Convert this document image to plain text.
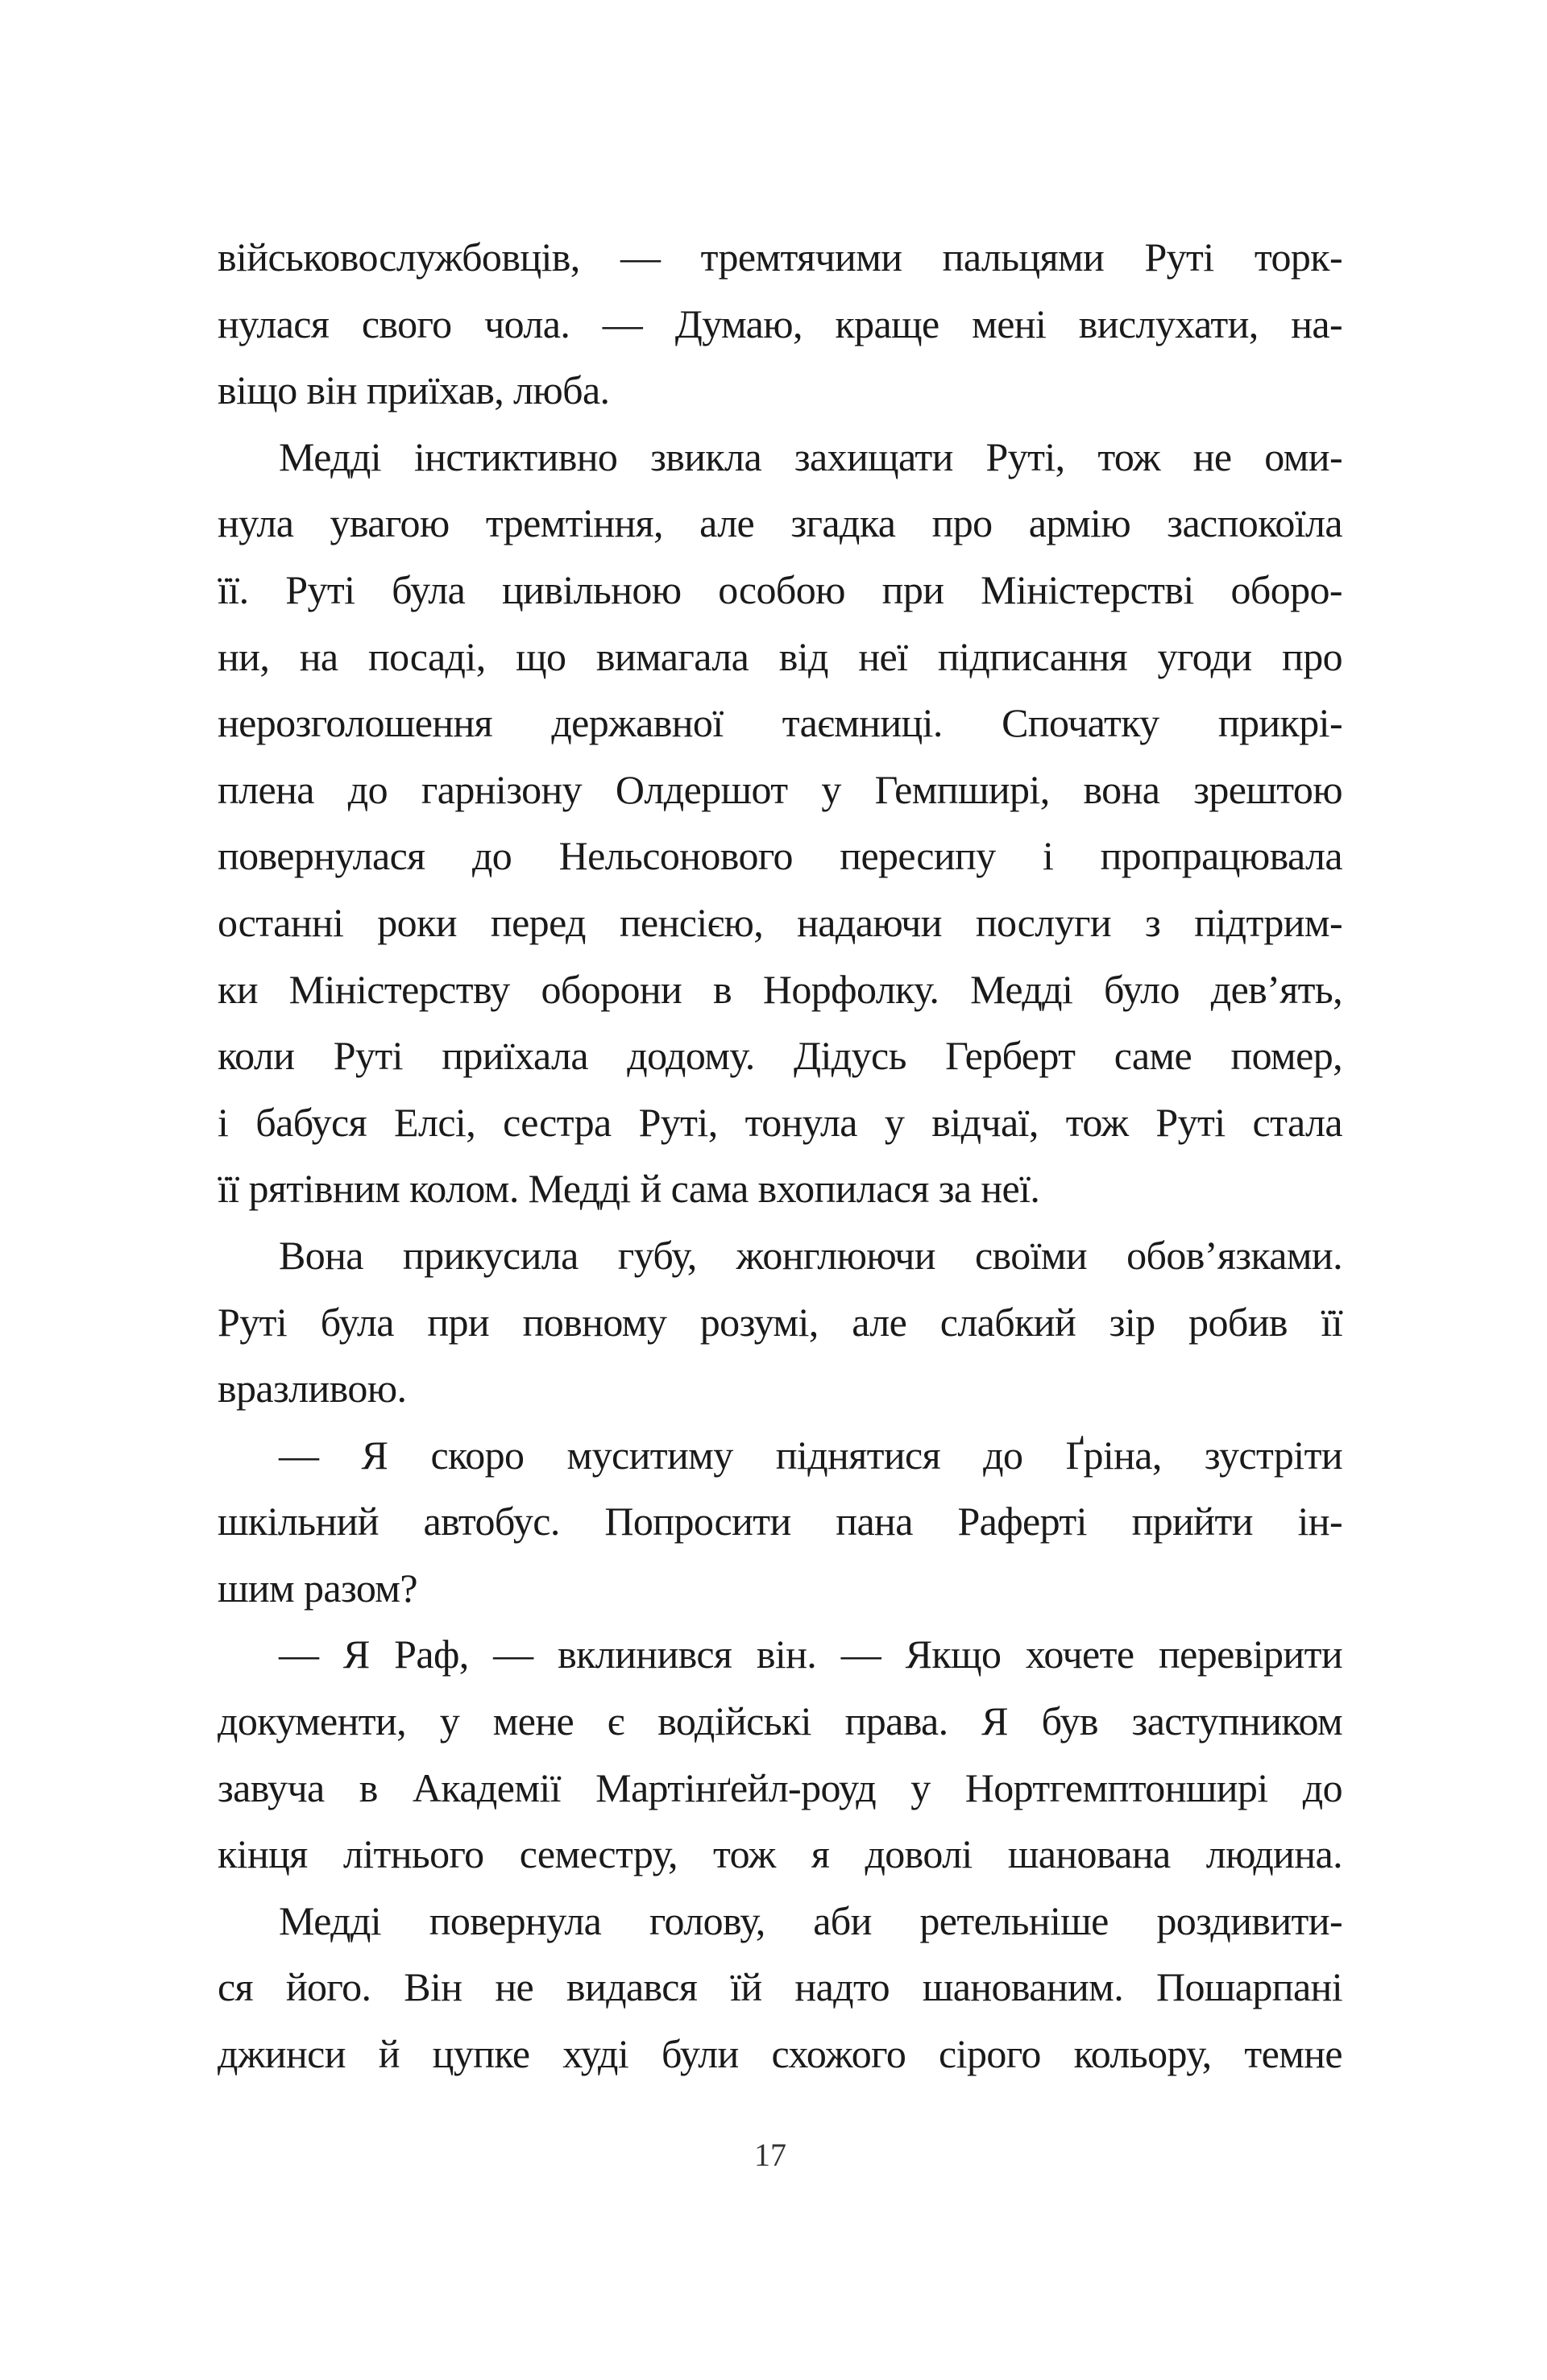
військовослужбовців, — тремтячими пальцями Руті торк-
нулася свого чола. — Думаю, краще мені вислухати, на-
віщо він приїхав, люба.
Медді інстиктивно звикла захищати Руті, тож не оми-
нула увагою тремтіння, але згадка про армію заспокоїла
її. Руті була цивільною особою при Міністерстві оборо-
ни, на посаді, що вимагала від неї підписання угоди про
нерозголошення державної таємниці. Спочатку прикрі-
плена до гарнізону Олдершот у Гемпширі, вона зрештою
повернулася до Нельсонового пересипу і пропрацювала
останні роки перед пенсією, надаючи послуги з підтрим-
ки Міністерству оборони в Норфолку. Медді було дев’ять,
коли Руті приїхала додому. Дідусь Герберт саме помер,
і бабуся Елсі, сестра Руті, тонула у відчаї, тож Руті стала
її рятівним колом. Медді й сама вхопилася за неї.
Вона прикусила губу, жонглюючи своїми обов’язками.
Руті була при повному розумі, але слабкий зір робив її
вразливою.
— Я скоро муситиму піднятися до Ґріна, зустріти
шкільний автобус. Попросити пана Раферті прийти ін-
шим разом?
— Я Раф, — вклинився він. — Якщо хочете перевірити
документи, у мене є водійські права. Я був заступником
завуча в Академії Мартінґейл-роуд у Нортгемптонширі до
кінця літнього семестру, тож я доволі шанована людина.
Медді повернула голову, аби ретельніше роздивити-
ся його. Він не видався їй надто шанованим. Пошарпані
джинси й цупке худі були схожого сірого кольору, темне
17
